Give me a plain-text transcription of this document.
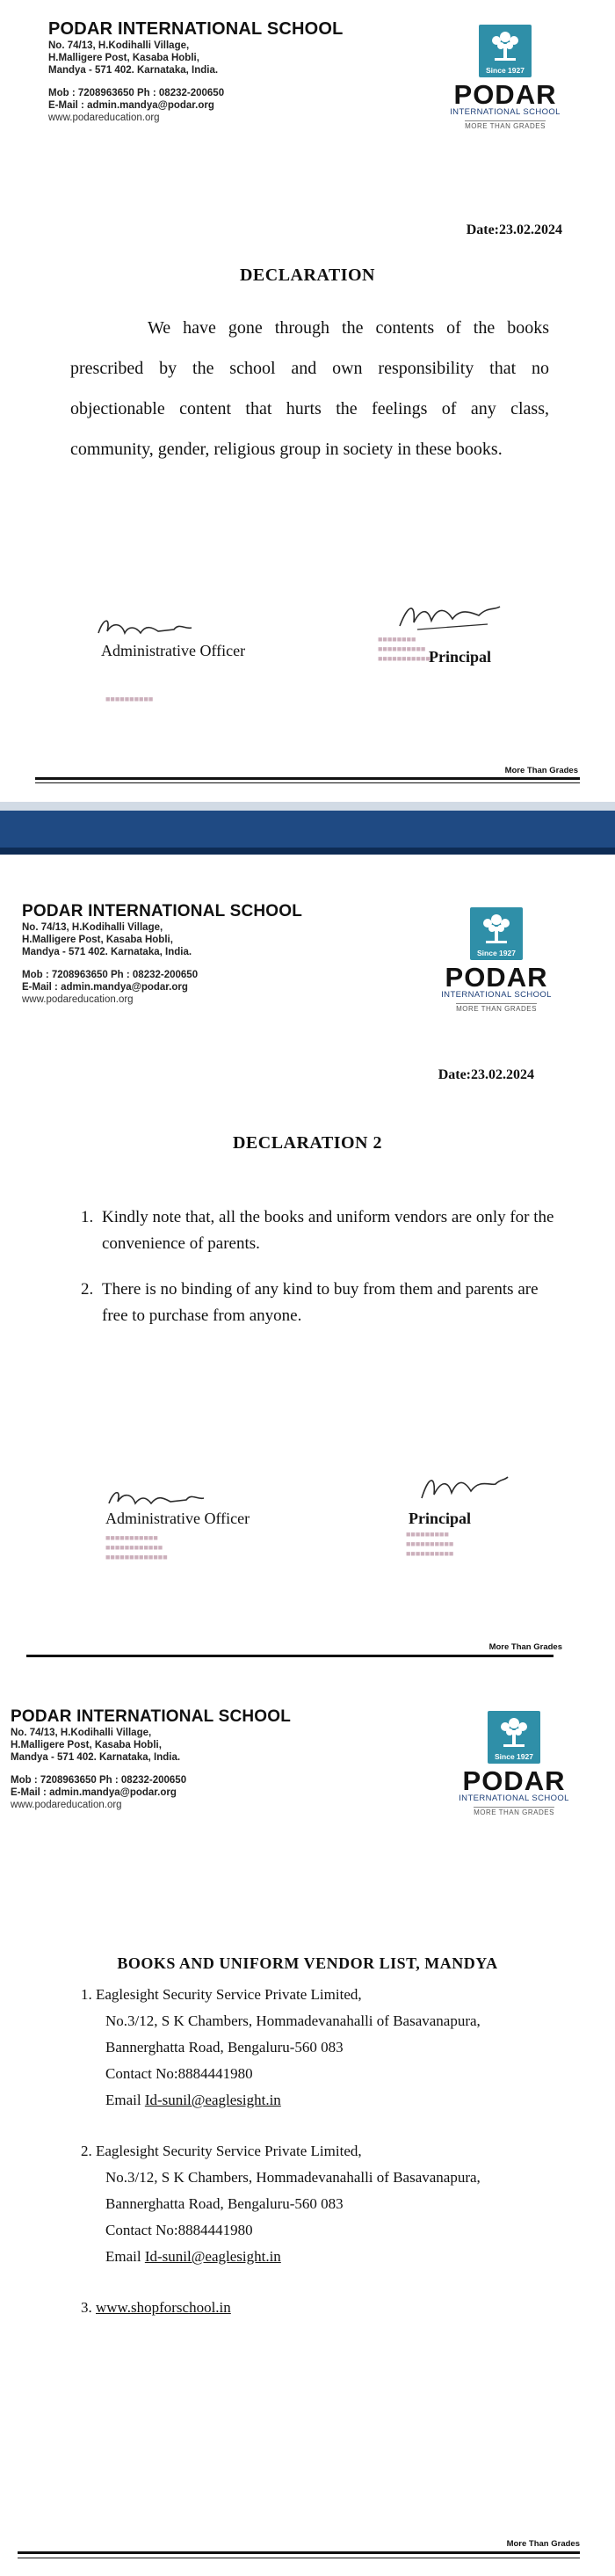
PODAR INTERNATIONAL SCHOOL
No. 74/13, H.Kodihalli Village,
H.Malligere Post, Kasaba Hobli,
Mandya - 571 402. Karnataka, India.
Mob : 7208963650 Ph : 08232-200650
E-Mail : admin.mandya@podar.org
www.podareducation.org
Since 1927
PODAR
INTERNATIONAL SCHOOL
MORE THAN GRADES
Date:23.02.2024
DECLARATION
We have gone through the contents of the books prescribed by the school and own responsibility that no objectionable content that hurts the feelings of any class, community, gender, religious group in society in these books.
Administrative Officer
■■■■■■■■■■
■■■■■■■■
■■■■■■■■■■
■■■■■■■■■■■
Principal
More Than Grades
PODAR INTERNATIONAL SCHOOL
No. 74/13, H.Kodihalli Village,
H.Malligere Post, Kasaba Hobli,
Mandya - 571 402. Karnataka, India.
Mob : 7208963650 Ph : 08232-200650
E-Mail : admin.mandya@podar.org
www.podareducation.org
Since 1927
PODAR
INTERNATIONAL SCHOOL
MORE THAN GRADES
Date:23.02.2024
DECLARATION 2
1. Kindly note that, all the books and uniform vendors are only for the convenience of parents.
2. There is no binding of any kind to buy from them and parents are free to purchase from anyone.
Administrative Officer
■■■■■■■■■■■
■■■■■■■■■■■■
■■■■■■■■■■■■■
Principal
■■■■■■■■■
■■■■■■■■■■
■■■■■■■■■■
More Than Grades
PODAR INTERNATIONAL SCHOOL
No. 74/13, H.Kodihalli Village,
H.Malligere Post, Kasaba Hobli,
Mandya - 571 402. Karnataka, India.
Mob : 7208963650 Ph : 08232-200650
E-Mail : admin.mandya@podar.org
www.podareducation.org
Since 1927
PODAR
INTERNATIONAL SCHOOL
MORE THAN GRADES
BOOKS AND UNIFORM VENDOR LIST, MANDYA
1. Eaglesight Security Service Private Limited,
No.3/12, S K Chambers, Hommadevanahalli of Basavanapura,
Bannerghatta Road, Bengaluru-560 083
Contact No:8884441980
Email Id-sunil@eaglesight.in
2. Eaglesight Security Service Private Limited,
No.3/12, S K Chambers, Hommadevanahalli of Basavanapura,
Bannerghatta Road, Bengaluru-560 083
Contact No:8884441980
Email Id-sunil@eaglesight.in
3. www.shopforschool.in
More Than Grades
